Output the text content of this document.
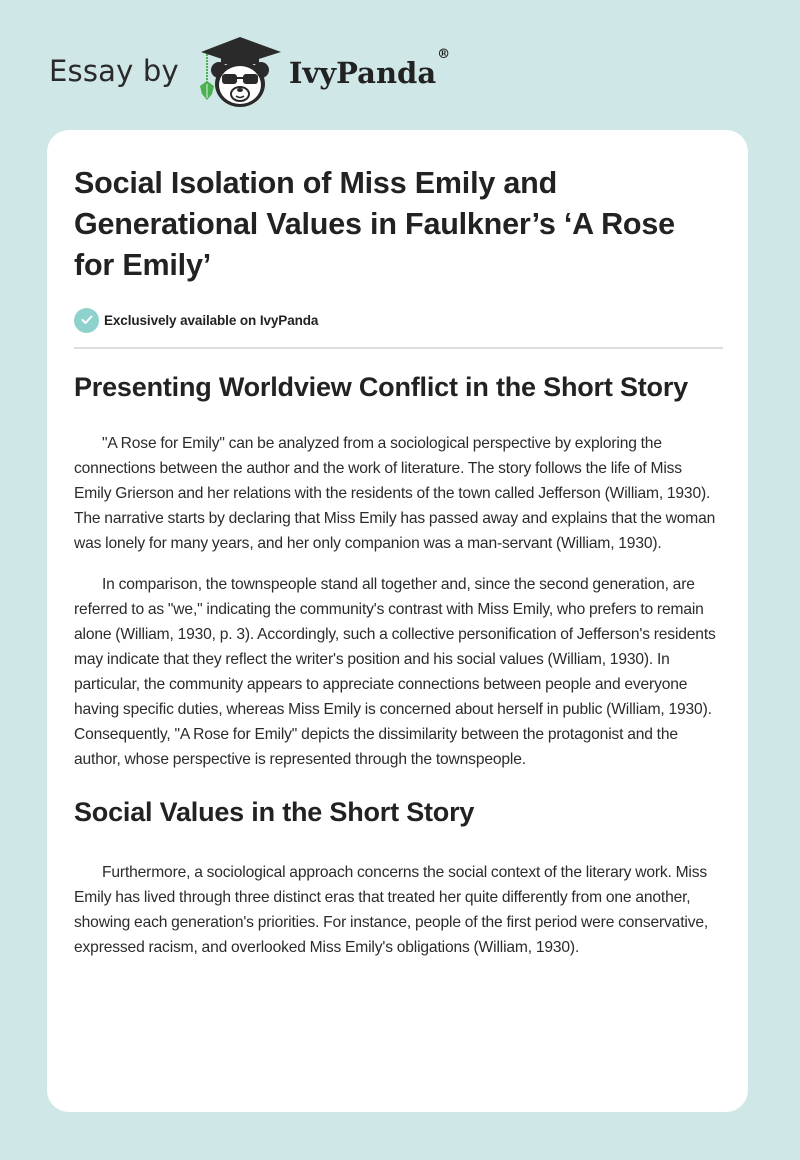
Essay by	IvyPanda®
Social Isolation of Miss Emily and Generational Values in Faulkner’s ‘A Rose for Emily’
Exclusively available on IvyPanda
Presenting Worldview Conflict in the Short Story

"A Rose for Emily" can be analyzed from a sociological perspective by exploring the connections between the author and the work of literature. The story follows the life of Miss Emily Grierson and her relations with the residents of the town called Jefferson (William, 1930). The narrative starts by declaring that Miss Emily has passed away and explains that the woman was lonely for many years, and her only companion was a man-servant (William, 1930).

In comparison, the townspeople stand all together and, since the second generation, are referred to as "we," indicating the community's contrast with Miss Emily, who prefers to remain alone (William, 1930, p. 3). Accordingly, such a collective personification of Jefferson's residents may indicate that they reflect the writer's position and his social values (William, 1930). In particular, the community appears to appreciate connections between people and everyone having specific duties, whereas Miss Emily is concerned about herself in public (William, 1930). Consequently, "A Rose for Emily" depicts the dissimilarity between the protagonist and the author, whose perspective is represented through the townspeople.

Social Values in the Short Story

Furthermore, a sociological approach concerns the social context of the literary work. Miss Emily has lived through three distinct eras that treated her quite differently from one another, showing each generation's priorities. For instance, people of the first period were conservative, expressed racism, and overlooked Miss Emily's obligations (William, 1930).
